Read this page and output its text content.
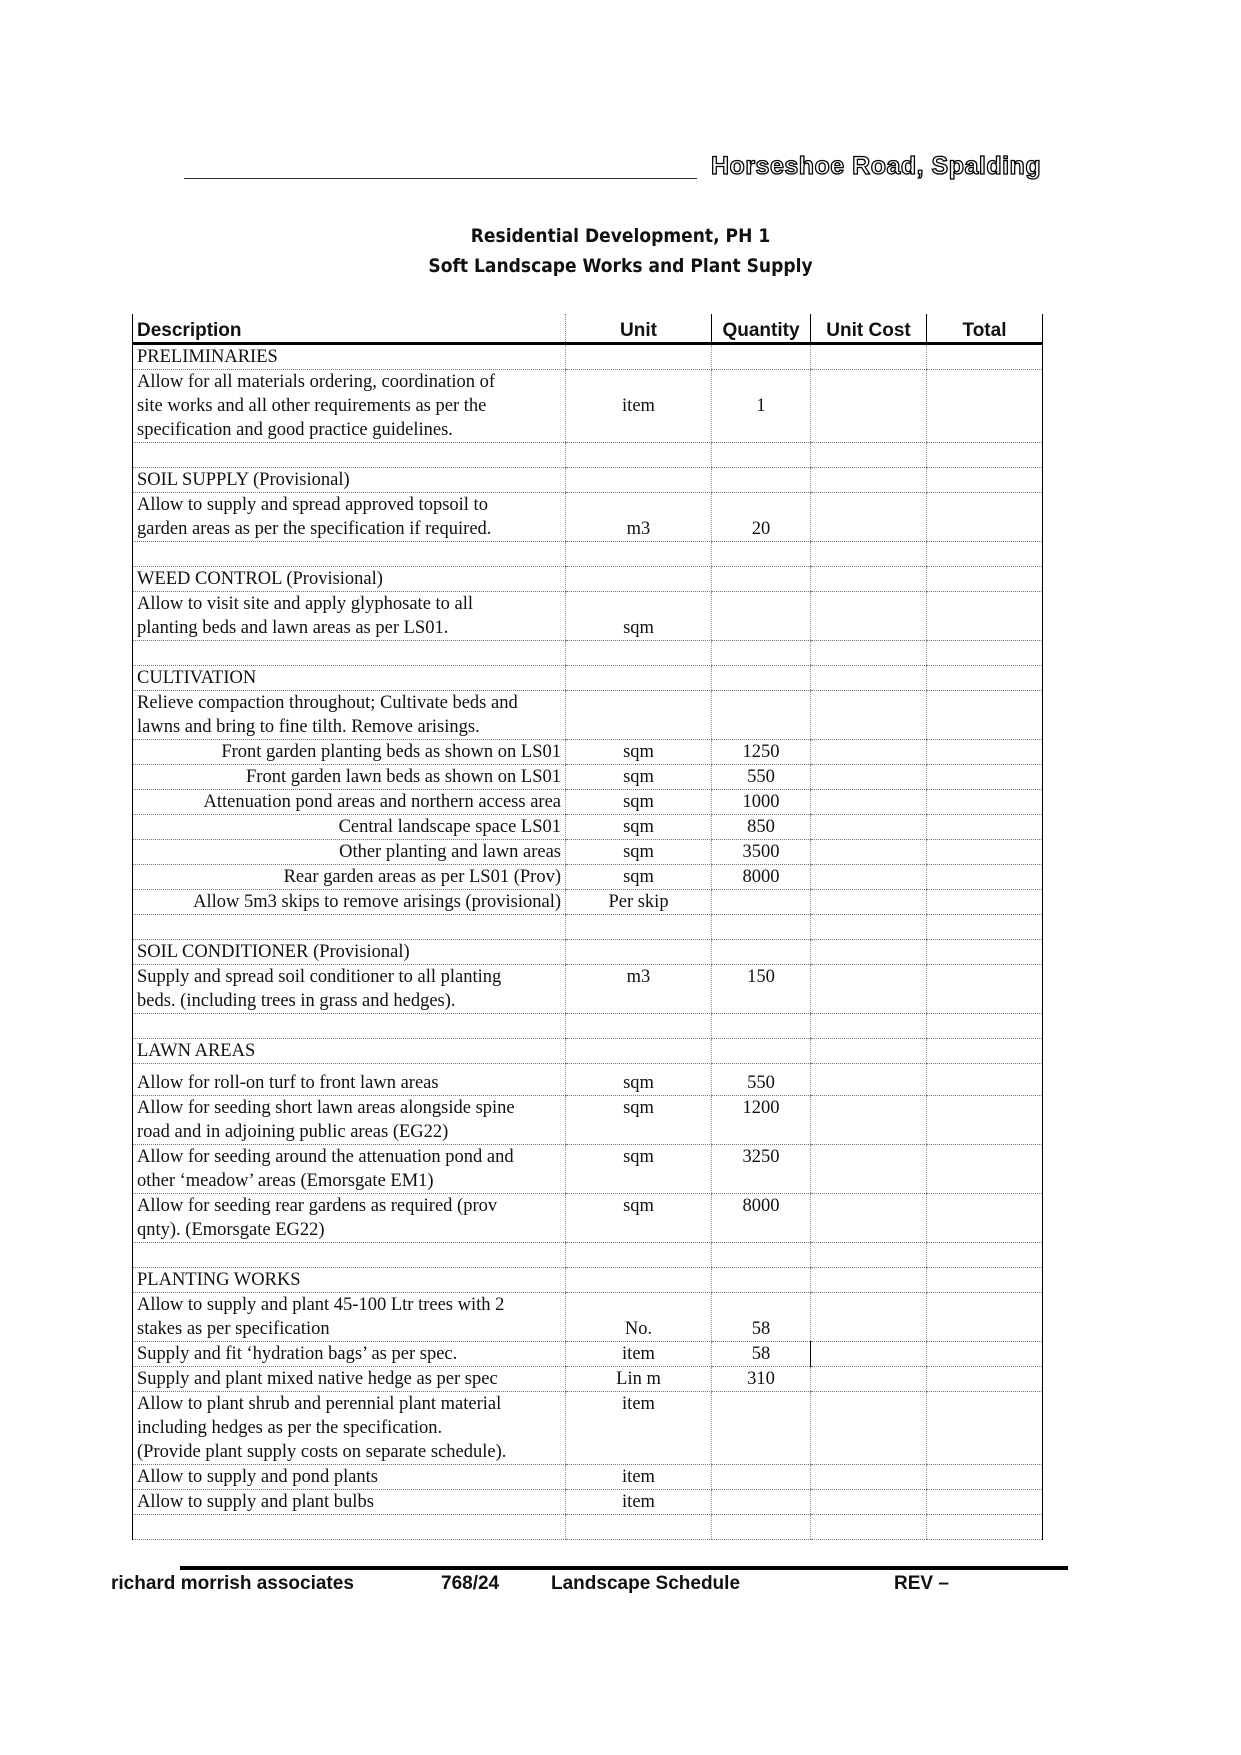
Horseshoe Road, Spalding
Residential Development, PH 1
Soft Landscape Works and Plant Supply
Description	Unit	Quantity	Unit Cost	Total
PRELIMINARIES				
Allow for all materials ordering, coordination of
site works and all other requirements as per the
specification and good practice guidelines.	item	1		

SOIL SUPPLY (Provisional)				
Allow to supply and spread approved topsoil to
garden areas as per the specification if required.	m3	20		

WEED CONTROL (Provisional)				
Allow to visit site and apply glyphosate to all
planting beds and lawn areas as per LS01.	sqm			

CULTIVATION				
Relieve compaction throughout; Cultivate beds and
lawns and bring to fine tilth. Remove arisings.				
Front garden planting beds as shown on LS01	sqm	1250		
Front garden lawn beds as shown on LS01	sqm	550		
Attenuation pond areas and northern access area	sqm	1000		
Central landscape space LS01	sqm	850		
Other planting and lawn areas	sqm	3500		
Rear garden areas as per LS01 (Prov)	sqm	8000		
Allow 5m3 skips to remove arisings (provisional)	Per skip			

SOIL CONDITIONER (Provisional)				
Supply and spread soil conditioner to all planting
beds. (including trees in grass and hedges).	m3	150		

LAWN AREAS				
Allow for roll-on turf to front lawn areas	sqm	550		
Allow for seeding short lawn areas alongside spine
road and in adjoining public areas (EG22)	sqm	1200		
Allow for seeding around the attenuation pond and
other ‘meadow’ areas (Emorsgate EM1)	sqm	3250		
Allow for seeding rear gardens as required (prov
qnty). (Emorsgate EG22)	sqm	8000		

PLANTING WORKS				
Allow to supply and plant 45-100 Ltr trees with 2
stakes as per specification	No.	58		
Supply and fit ‘hydration bags’ as per spec.	item	58		
Supply and plant mixed native hedge as per spec	Lin m	310		
Allow to plant shrub and perennial plant material
including hedges as per the specification.
(Provide plant supply costs on separate schedule).	item			
Allow to supply and pond plants	item			
Allow to supply and plant bulbs	item			

richard morrish associates	768/24	Landscape Schedule	REV –
